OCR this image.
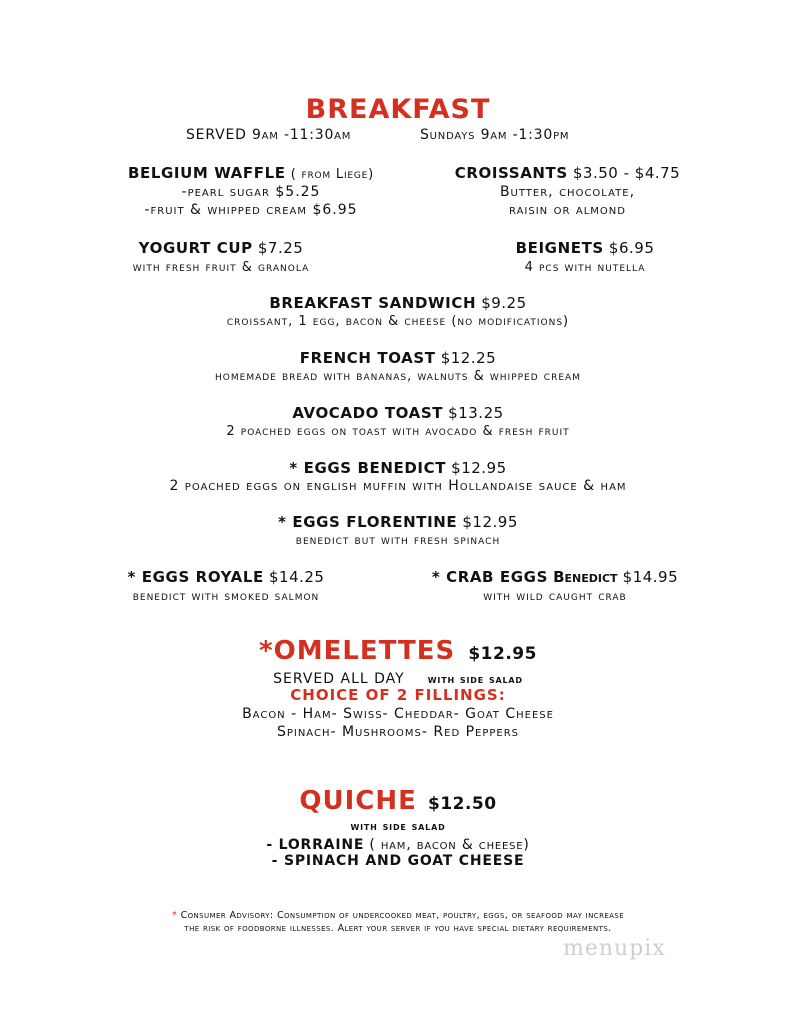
BREAKFAST
SERVED 9am -11:30am	Sundays 9am -1:30pm
BELGIUM WAFFLE ( from Liege)
-pearl sugar $5.25
-fruit & whipped cream $6.95
CROISSANTS $3.50 - $4.75
Butter, chocolate,
raisin or almond
YOGURT CUP $7.25
with fresh fruit & granola
BEIGNETS $6.95
4 pcs with nutella
BREAKFAST SANDWICH $9.25
croissant, 1 egg, bacon & cheese (no modifications)
FRENCH TOAST $12.25
homemade bread with bananas, walnuts & whipped cream
AVOCADO TOAST $13.25
2 poached eggs on toast with avocado & fresh fruit
* EGGS BENEDICT $12.95
2 poached eggs on english muffin with Hollandaise sauce & ham
* EGGS FLORENTINE $12.95
benedict but with fresh spinach
* EGGS ROYALE $14.25
benedict with smoked salmon
* CRAB EGGS Benedict $14.95
with wild caught crab
*OMELETTES $12.95
SERVED ALL DAY with side salad
CHOICE OF 2 FILLINGS:
Bacon - Ham- Swiss- Cheddar- Goat Cheese
Spinach- Mushrooms- Red Peppers
QUICHE $12.50
with side salad
- LORRAINE ( ham, bacon & cheese)
- SPINACH AND GOAT CHEESE
* Consumer Advisory: Consumption of undercooked meat, poultry, eggs, or seafood may increase
the risk of foodborne illnesses. Alert your server if you have special dietary requirements.
menupix
